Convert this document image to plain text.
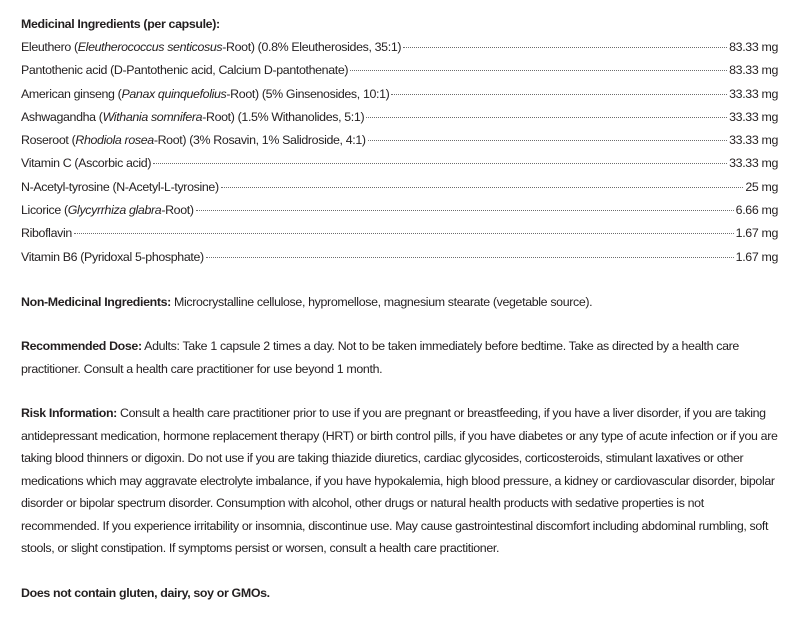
Medicinal Ingredients (per capsule):

Eleuthero (Eleutherococcus senticosus-Root) (0.8% Eleutherosides, 35:1)	83.33 mg
Pantothenic acid (D-Pantothenic acid, Calcium D-pantothenate)	83.33 mg
American ginseng (Panax quinquefolius-Root) (5% Ginsenosides, 10:1)	33.33 mg
Ashwagandha (Withania somnifera-Root) (1.5% Withanolides, 5:1)	33.33 mg
Roseroot (Rhodiola rosea-Root) (3% Rosavin, 1% Salidroside, 4:1)	33.33 mg
Vitamin C (Ascorbic acid)	33.33 mg
N-Acetyl-tyrosine (N-Acetyl-L-tyrosine)	25 mg
Licorice (Glycyrrhiza glabra-Root)	6.66 mg
Riboflavin	1.67 mg
Vitamin B6 (Pyridoxal 5-phosphate)	1.67 mg

Non-Medicinal Ingredients: Microcrystalline cellulose, hypromellose, magnesium stearate (vegetable source).

Recommended Dose: Adults: Take 1 capsule 2 times a day. Not to be taken immediately before bedtime. Take as directed by a health care practitioner. Consult a health care practitioner for use beyond 1 month.

Risk Information: Consult a health care practitioner prior to use if you are pregnant or breastfeeding, if you have a liver disorder, if you are taking antidepressant medication, hormone replacement therapy (HRT) or birth control pills, if you have diabetes or any type of acute infection or if you are taking blood thinners or digoxin. Do not use if you are taking thiazide diuretics, cardiac glycosides, corticosteroids, stimulant laxatives or other medications which may aggravate electrolyte imbalance, if you have hypokalemia, high blood pressure, a kidney or cardiovascular disorder, bipolar disorder or bipolar spectrum disorder. Consumption with alcohol, other drugs or natural health products with sedative properties is not recommended. If you experience irritability or insomnia, discontinue use. May cause gastrointestinal discomfort including abdominal rumbling, soft stools, or slight constipation. If symptoms persist or worsen, consult a health care practitioner.

Does not contain gluten, dairy, soy or GMOs.
